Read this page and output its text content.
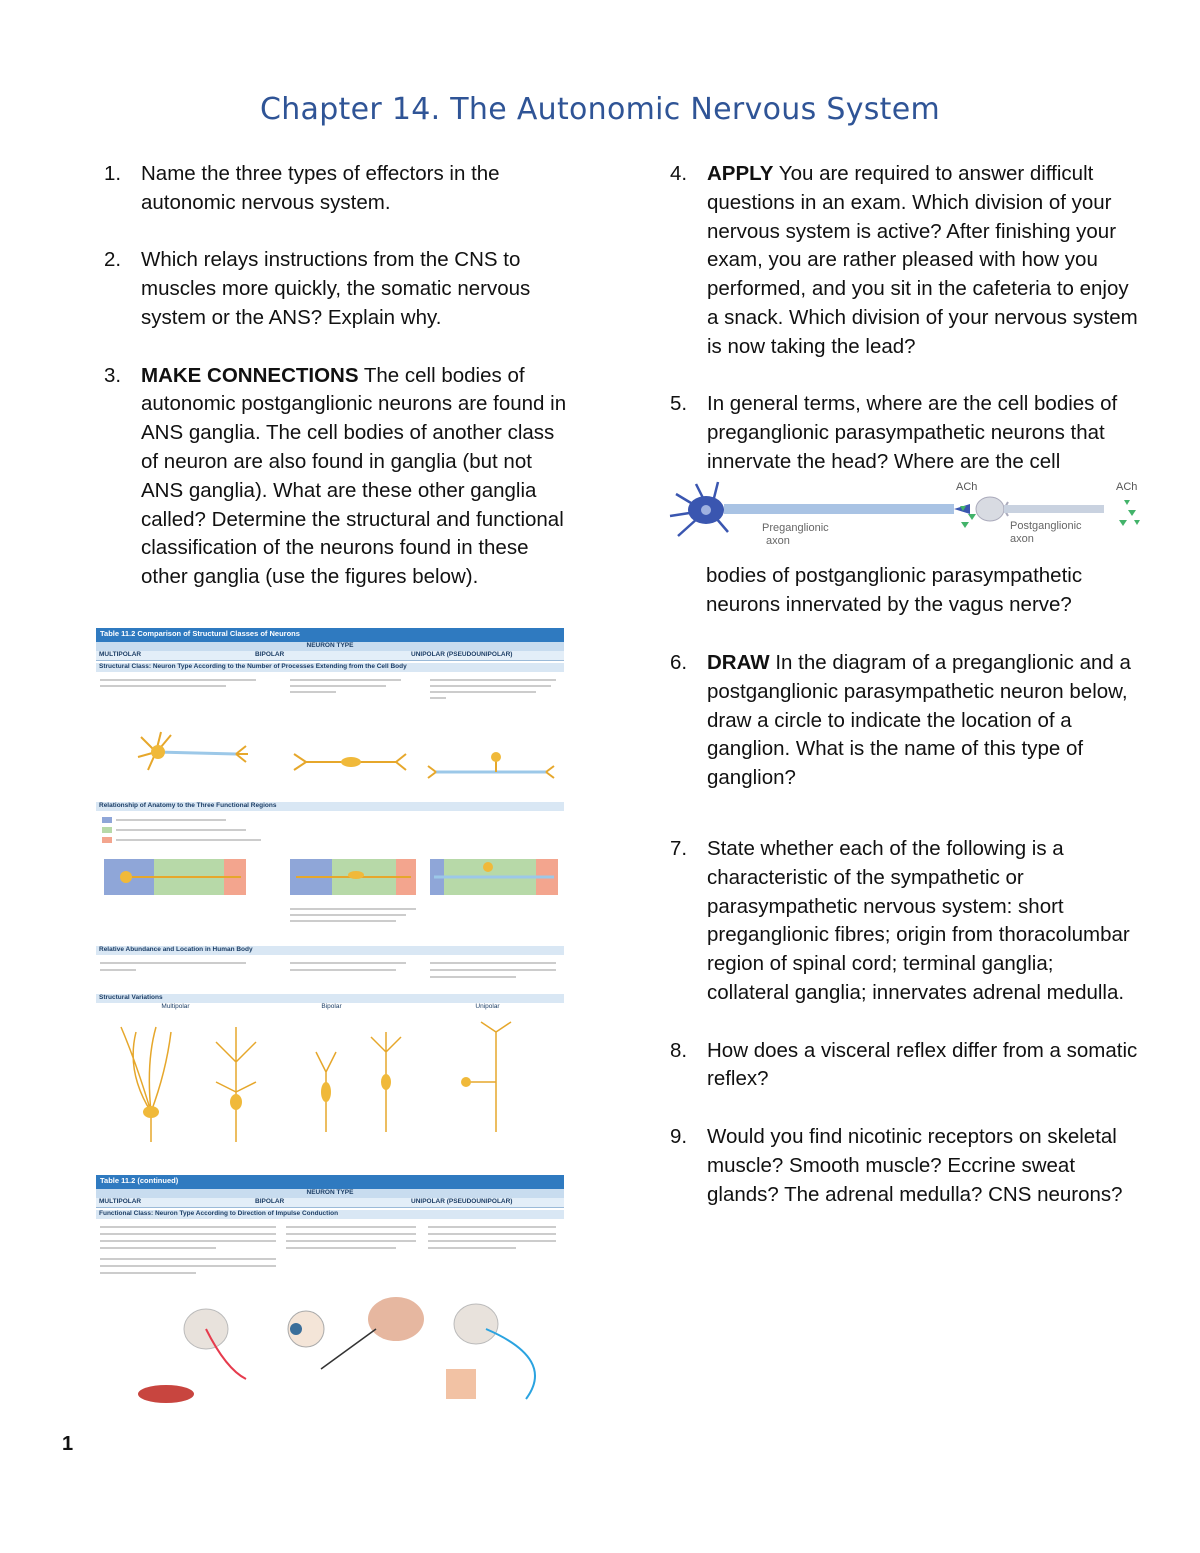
Chapter 14. The Autonomic Nervous System
1. Name the three types of effectors in the autonomic nervous system.
2. Which relays instructions from the CNS to muscles more quickly, the somatic nervous system or the ANS? Explain why.
3. MAKE CONNECTIONS The cell bodies of autonomic postganglionic neurons are found in ANS ganglia. The cell bodies of another class of neuron are also found in ganglia (but not ANS ganglia). What are these other ganglia called? Determine the structural and functional classification of the neurons found in these other ganglia (use the figures below).
Table 11.2 Comparison of Structural Classes of Neurons
NEURON TYPE
MULTIPOLAR	BIPOLAR	UNIPOLAR (PSEUDOUNIPOLAR)
Structural Class: Neuron Type According to the Number of Processes Extending from the Cell Body
Relationship of Anatomy to the Three Functional Regions
Relative Abundance and Location in Human Body
Structural Variations
Multipolar	Bipolar	Unipolar
Table 11.2 (continued)
NEURON TYPE
MULTIPOLAR	BIPOLAR	UNIPOLAR (PSEUDOUNIPOLAR)
Functional Class: Neuron Type According to Direction of Impulse Conduction
4. APPLY You are required to answer difficult questions in an exam. Which division of your nervous system is active? After finishing your exam, you are rather pleased with how you performed, and you sit in the cafeteria to enjoy a snack. Which division of your nervous system is now taking the lead?
5. In general terms, where are the cell bodies of preganglionic parasympathetic neurons that innervate the head? Where are the cell
ACh	ACh
Preganglionic
axon
Postganglionic
axon
bodies of postganglionic parasympathetic neurons innervated by the vagus nerve?
6. DRAW In the diagram of a preganglionic and a postganglionic parasympathetic neuron below, draw a circle to indicate the location of a ganglion. What is the name of this type of ganglion?
7. State whether each of the following is a characteristic of the sympathetic or parasympathetic nervous system: short preganglionic fibres; origin from thoracolumbar region of spinal cord; terminal ganglia; collateral ganglia; innervates adrenal medulla.
8. How does a visceral reflex differ from a somatic reflex?
9. Would you find nicotinic receptors on skeletal muscle? Smooth muscle? Eccrine sweat glands? The adrenal medulla? CNS neurons?
1
